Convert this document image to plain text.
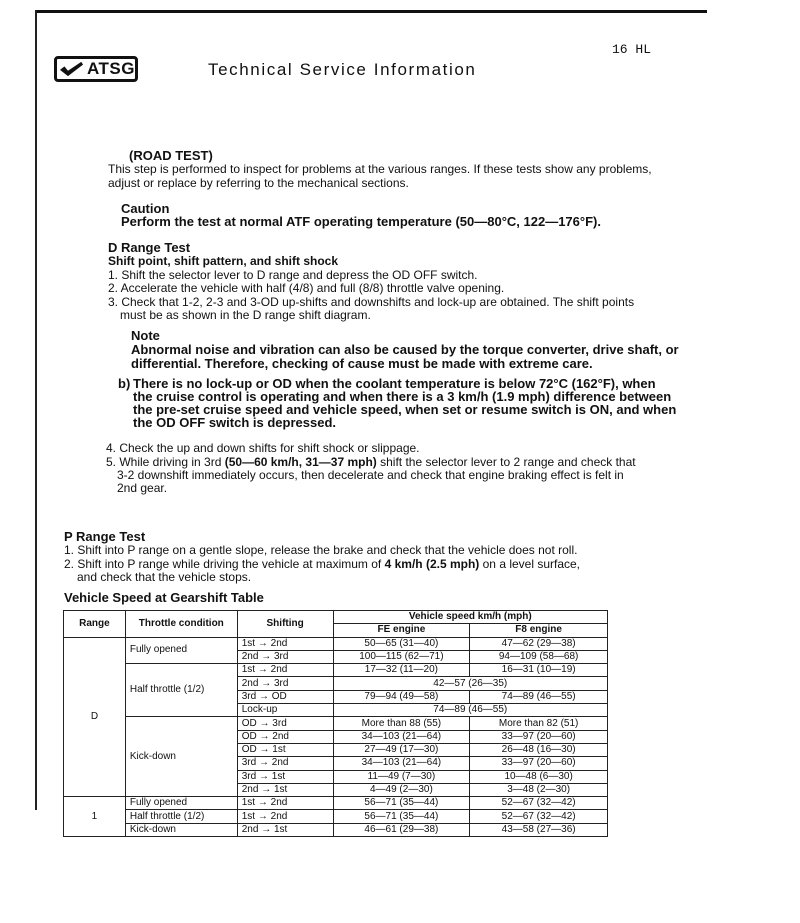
16 HL
ATSG	Technical Service Information
(ROAD TEST)
This step is performed to inspect for problems at the various ranges. If these tests show any problems,
adjust or replace by referring to the mechanical sections.
Caution
Perform the test at normal ATF operating temperature (50—80°C, 122—176°F).
D Range Test
Shift point, shift pattern, and shift shock
1. Shift the selector lever to D range and depress the OD OFF switch.
2. Accelerate the vehicle with half (4/8) and full (8/8) throttle valve opening.
3. Check that 1-2, 2-3 and 3-OD up-shifts and downshifts and lock-up are obtained. The shift points
must be as shown in the D range shift diagram.
Note
Abnormal noise and vibration can also be caused by the torque converter, drive shaft, or
differential. Therefore, checking of cause must be made with extreme care.
b) There is no lock-up or OD when the coolant temperature is below 72°C (162°F), when
the cruise control is operating and when there is a 3 km/h (1.9 mph) difference between
the pre-set cruise speed and vehicle speed, when set or resume switch is ON, and when
the OD OFF switch is depressed.
4. Check the up and down shifts for shift shock or slippage.
5. While driving in 3rd (50—60 km/h, 31—37 mph) shift the selector lever to 2 range and check that
3-2 downshift immediately occurs, then decelerate and check that engine braking effect is felt in
2nd gear.
P Range Test
1. Shift into P range on a gentle slope, release the brake and check that the vehicle does not roll.
2. Shift into P range while driving the vehicle at maximum of 4 km/h (2.5 mph) on a level surface,
and check that the vehicle stops.
Vehicle Speed at Gearshift Table
Range	Throttle condition	Shifting	Vehicle speed km/h (mph)	
			FE engine	F8 engine
D	Fully opened	1st → 2nd	50—65 (31—40)	47—62 (29—38)
		2nd → 3rd	100—115 (62—71)	94—109 (58—68)
	Half throttle (1/2)	1st → 2nd	17—32 (11—20)	16—31 (10—19)
		2nd → 3rd	42—57 (26—35)	
		3rd → OD	79—94 (49—58)	74—89 (46—55)
		Lock-up	74—89 (46—55)	
	Kick-down	OD → 3rd	More than 88 (55)	More than 82 (51)
		OD → 2nd	34—103 (21—64)	33—97 (20—60)
		OD → 1st	27—49 (17—30)	26—48 (16—30)
		3rd → 2nd	34—103 (21—64)	33—97 (20—60)
		3rd → 1st	11—49 (7—30)	10—48 (6—30)
		2nd → 1st	4—49 (2—30)	3—48 (2—30)
1	Fully opened	1st → 2nd	56—71 (35—44)	52—67 (32—42)
	Half throttle (1/2)	1st → 2nd	56—71 (35—44)	52—67 (32—42)
	Kick-down	2nd → 1st	46—61 (29—38)	43—58 (27—36)
